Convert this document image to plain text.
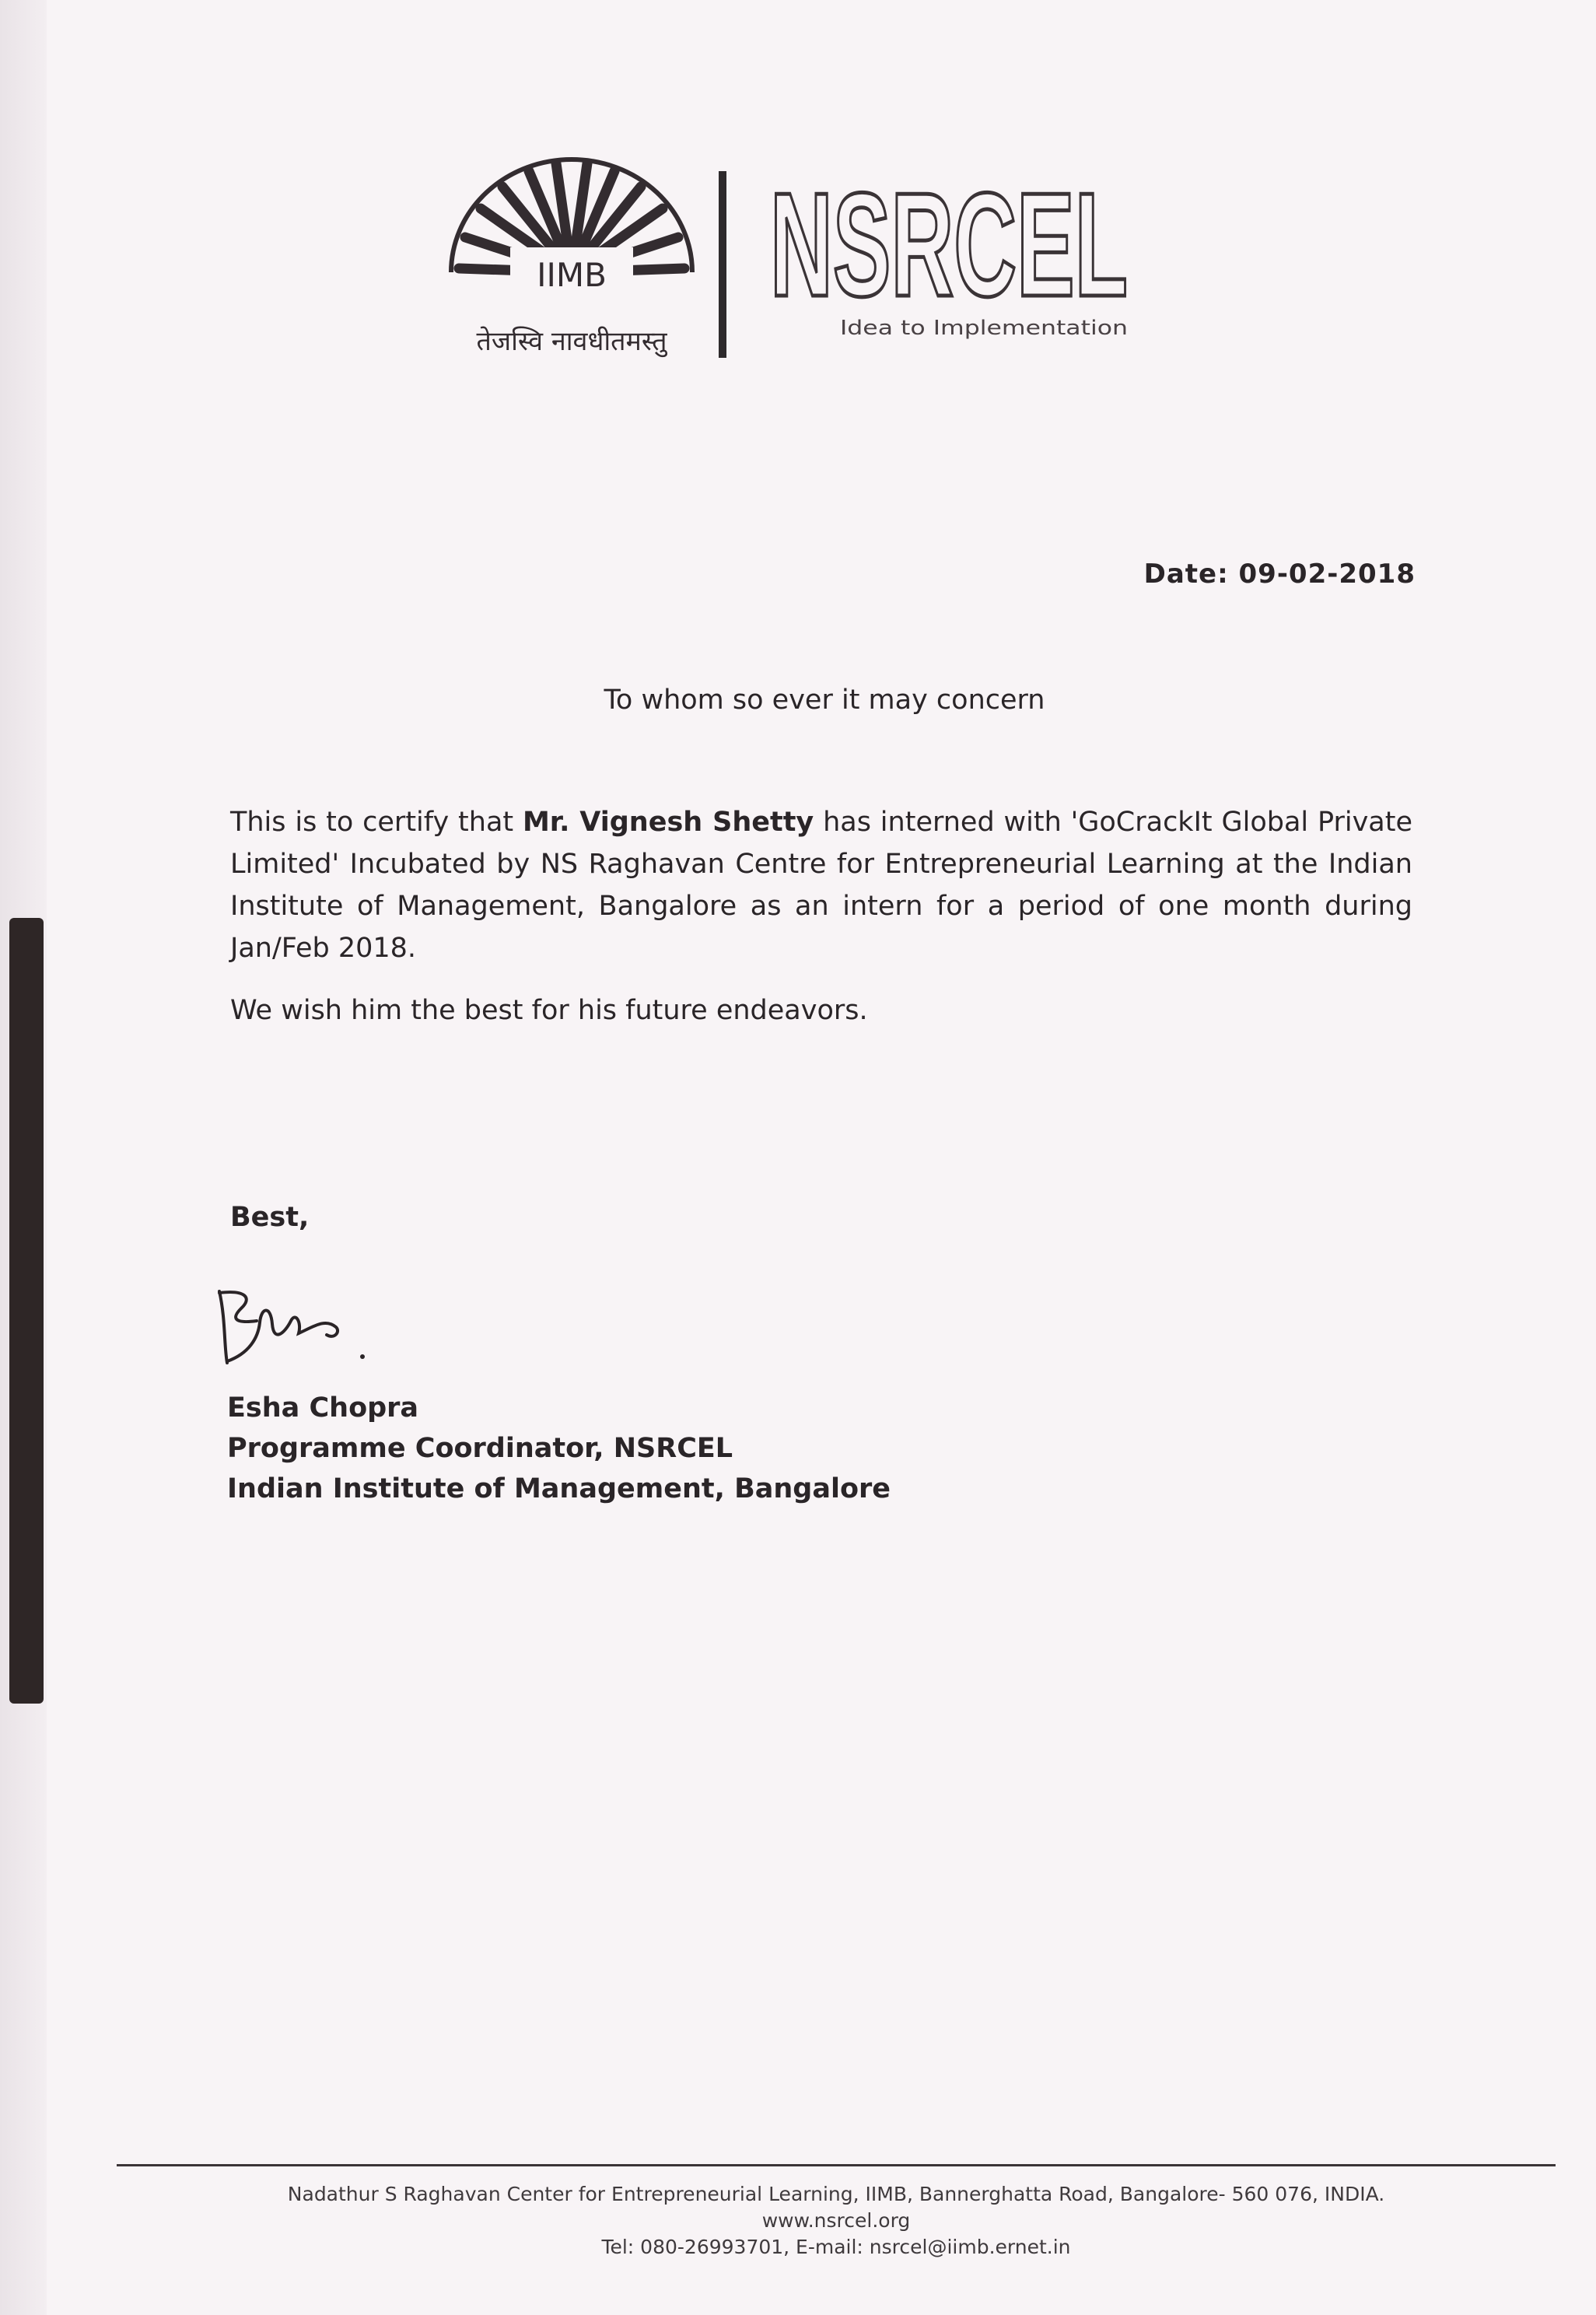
IIMB
तेजस्वि नावधीतमस्तु
NSRCEL
Idea to Implementation
Date: 09-02-2018
To whom so ever it may concern

This is to certify that Mr. Vignesh Shetty has interned with 'GoCrackIt Global Private Limited' Incubated by NS Raghavan Centre for Entrepreneurial Learning at the Indian Institute of Management, Bangalore as an intern for a period of one month during Jan/Feb 2018.

We wish him the best for his future endeavors.

Best,
Esha Chopra
Programme Coordinator, NSRCEL
Indian Institute of Management, Bangalore
Nadathur S Raghavan Center for Entrepreneurial Learning, IIMB, Bannerghatta Road, Bangalore- 560 076, INDIA.
www.nsrcel.org
Tel: 080-26993701, E-mail: nsrcel@iimb.ernet.in
